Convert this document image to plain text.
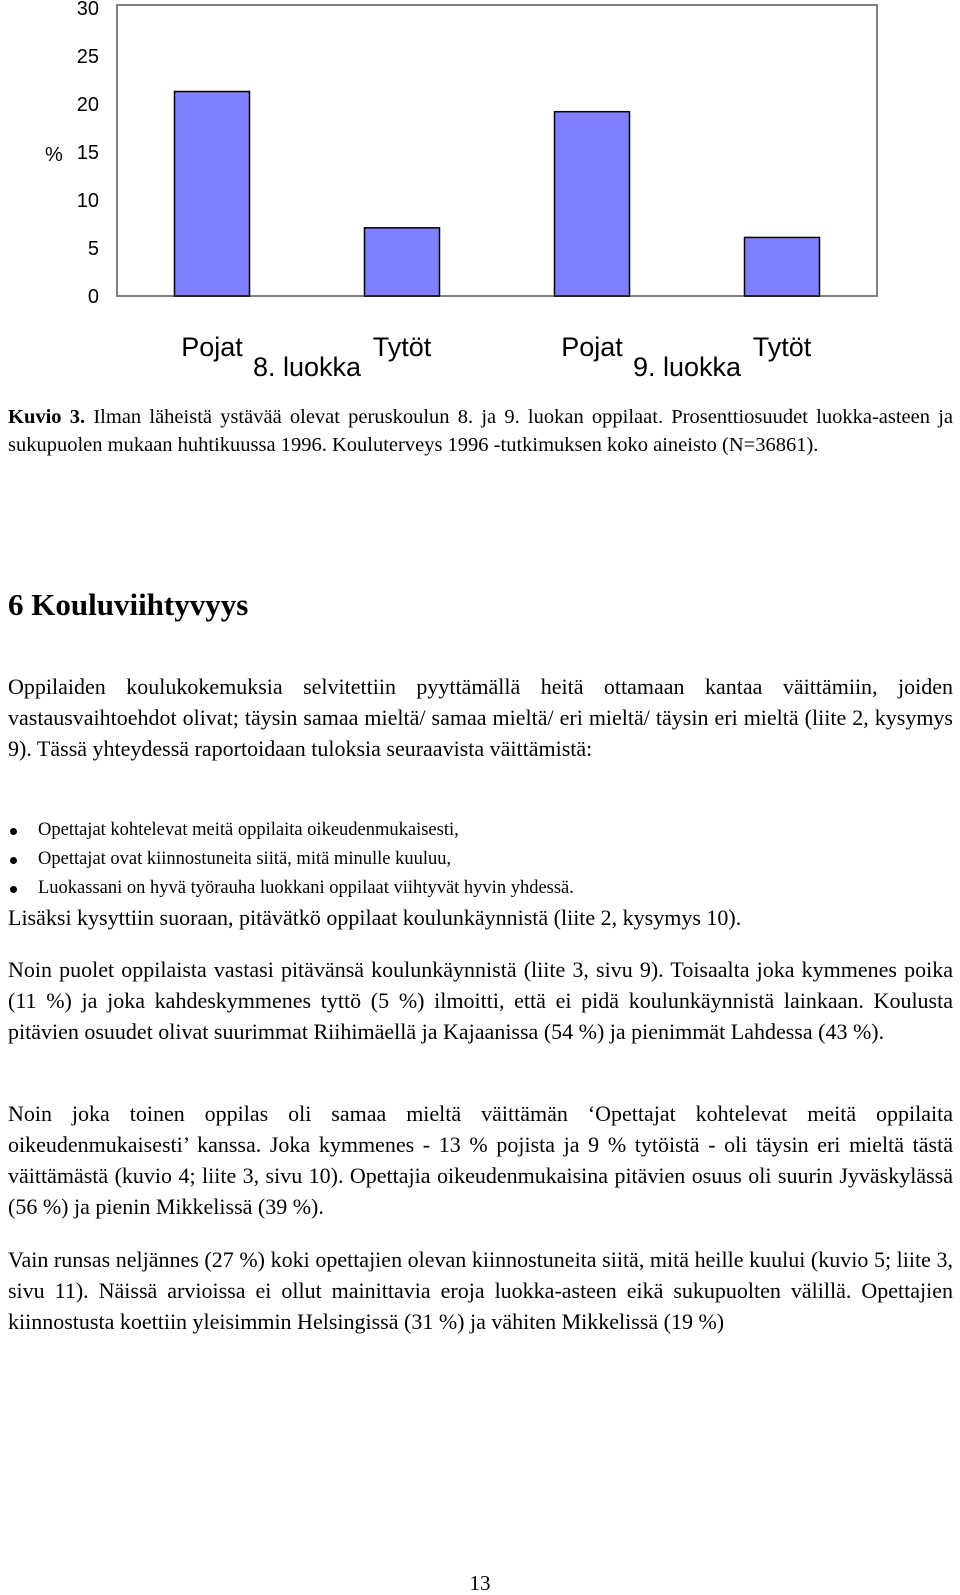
0
5
10
15
20
25
30
%
Pojat	Tytöt	Pojat	Tytöt
8. luokka	9. luokka
Kuvio 3. Ilman läheistä ystävää olevat peruskoulun 8. ja 9. luokan oppilaat. Prosenttiosuudet luokka-asteen ja sukupuolen mukaan huhtikuussa 1996. Kouluterveys 1996 -tutkimuksen koko aineisto (N=36861).
6 Kouluviihtyvyys

Oppilaiden koulukokemuksia selvitettiin pyyttämällä heitä ottamaan kantaa väittämiin, joiden vastausvaihtoehdot olivat; täysin samaa mieltä/ samaa mieltä/ eri mieltä/ täysin eri mieltä (liite 2, kysymys 9). Tässä yhteydessä raportoidaan tuloksia seuraavista väittämistä:

Opettajat kohtelevat meitä oppilaita oikeudenmukaisesti,
Opettajat ovat kiinnostuneita siitä, mitä minulle kuuluu,
Luokassani on hyvä työrauha luokkani oppilaat viihtyvät hyvin yhdessä.

Lisäksi kysyttiin suoraan, pitävätkö oppilaat koulunkäynnistä (liite 2, kysymys 10).

Noin puolet oppilaista vastasi pitävänsä koulunkäynnistä (liite 3, sivu 9). Toisaalta joka kymmenes poika (11 %) ja joka kahdeskymmenes tyttö (5 %) ilmoitti, että ei pidä koulunkäynnistä lainkaan. Koulusta pitävien osuudet olivat suurimmat Riihimäellä ja Kajaanissa (54 %) ja pienimmät Lahdessa (43 %).

Noin joka toinen oppilas oli samaa mieltä väittämän ‘Opettajat kohtelevat meitä oppilaita oikeudenmukaisesti’ kanssa. Joka kymmenes - 13 % pojista ja 9 % tytöistä - oli täysin eri mieltä tästä väittämästä (kuvio 4; liite 3, sivu 10). Opettajia oikeudenmukaisina pitävien osuus oli suurin Jyväskylässä (56 %) ja pienin Mikkelissä (39 %).

Vain runsas neljännes (27 %) koki opettajien olevan kiinnostuneita siitä, mitä heille kuului (kuvio 5; liite 3, sivu 11). Näissä arvioissa ei ollut mainittavia eroja luokka-asteen eikä sukupuolten välillä. Opettajien kiinnostusta koettiin yleisimmin Helsingissä (31 %) ja vähiten Mikkelissä (19 %)

13
